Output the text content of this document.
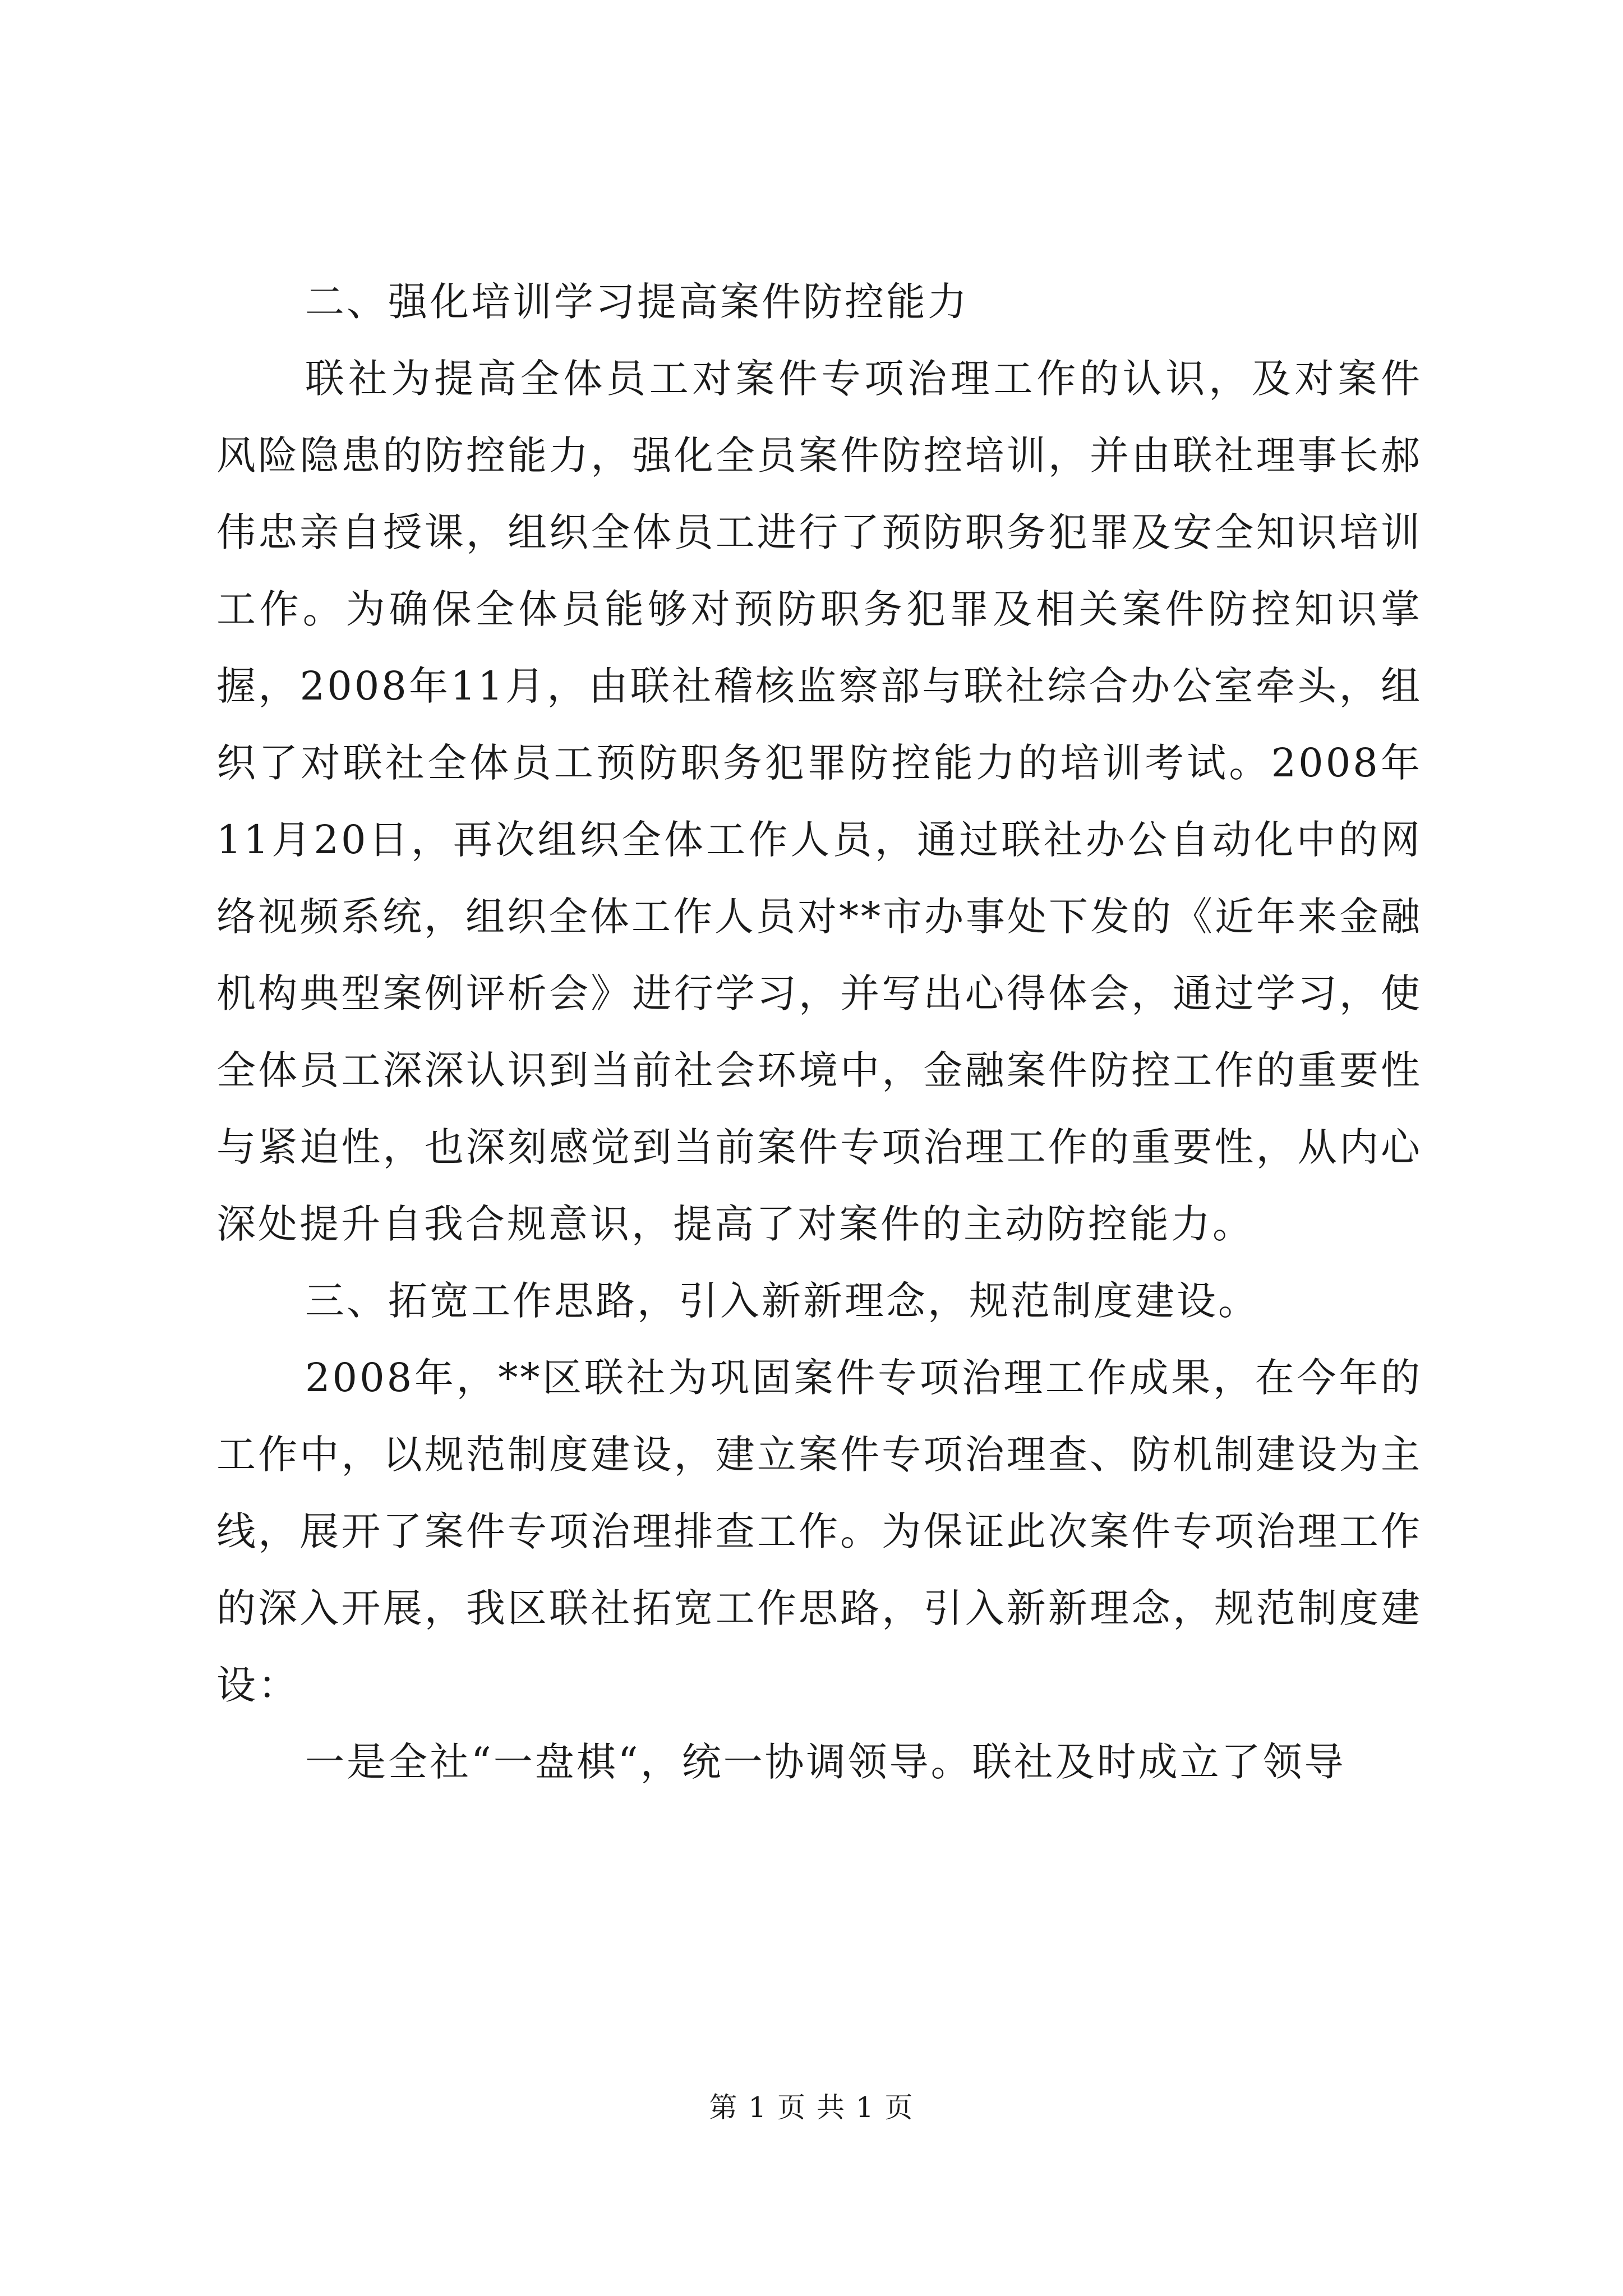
二、强化培训学习提高案件防控能力

联社为提高全体员工对案件专项治理工作的认识，及对案件风险隐患的防控能力，强化全员案件防控培训，并由联社理事长郝伟忠亲自授课，组织全体员工进行了预防职务犯罪及安全知识培训工作。为确保全体员能够对预防职务犯罪及相关案件防控知识掌握，2008年11月，由联社稽核监察部与联社综合办公室牵头，组织了对联社全体员工预防职务犯罪防控能力的培训考试。2008年11月20日，再次组织全体工作人员，通过联社办公自动化中的网络视频系统，组织全体工作人员对**市办事处下发的《近年来金融机构典型案例评析会》进行学习，并写出心得体会，通过学习，使全体员工深深认识到当前社会环境中，金融案件防控工作的重要性与紧迫性，也深刻感觉到当前案件专项治理工作的重要性，从内心深处提升自我合规意识，提高了对案件的主动防控能力。

三、拓宽工作思路，引入新新理念，规范制度建设。

2008年，**区联社为巩固案件专项治理工作成果，在今年的工作中，以规范制度建设，建立案件专项治理查、防机制建设为主线，展开了案件专项治理排查工作。为保证此次案件专项治理工作的深入开展，我区联社拓宽工作思路，引入新新理念，规范制度建设：

一是全社“一盘棋“，统一协调领导。联社及时成立了领导

第 1 页 共 1 页
